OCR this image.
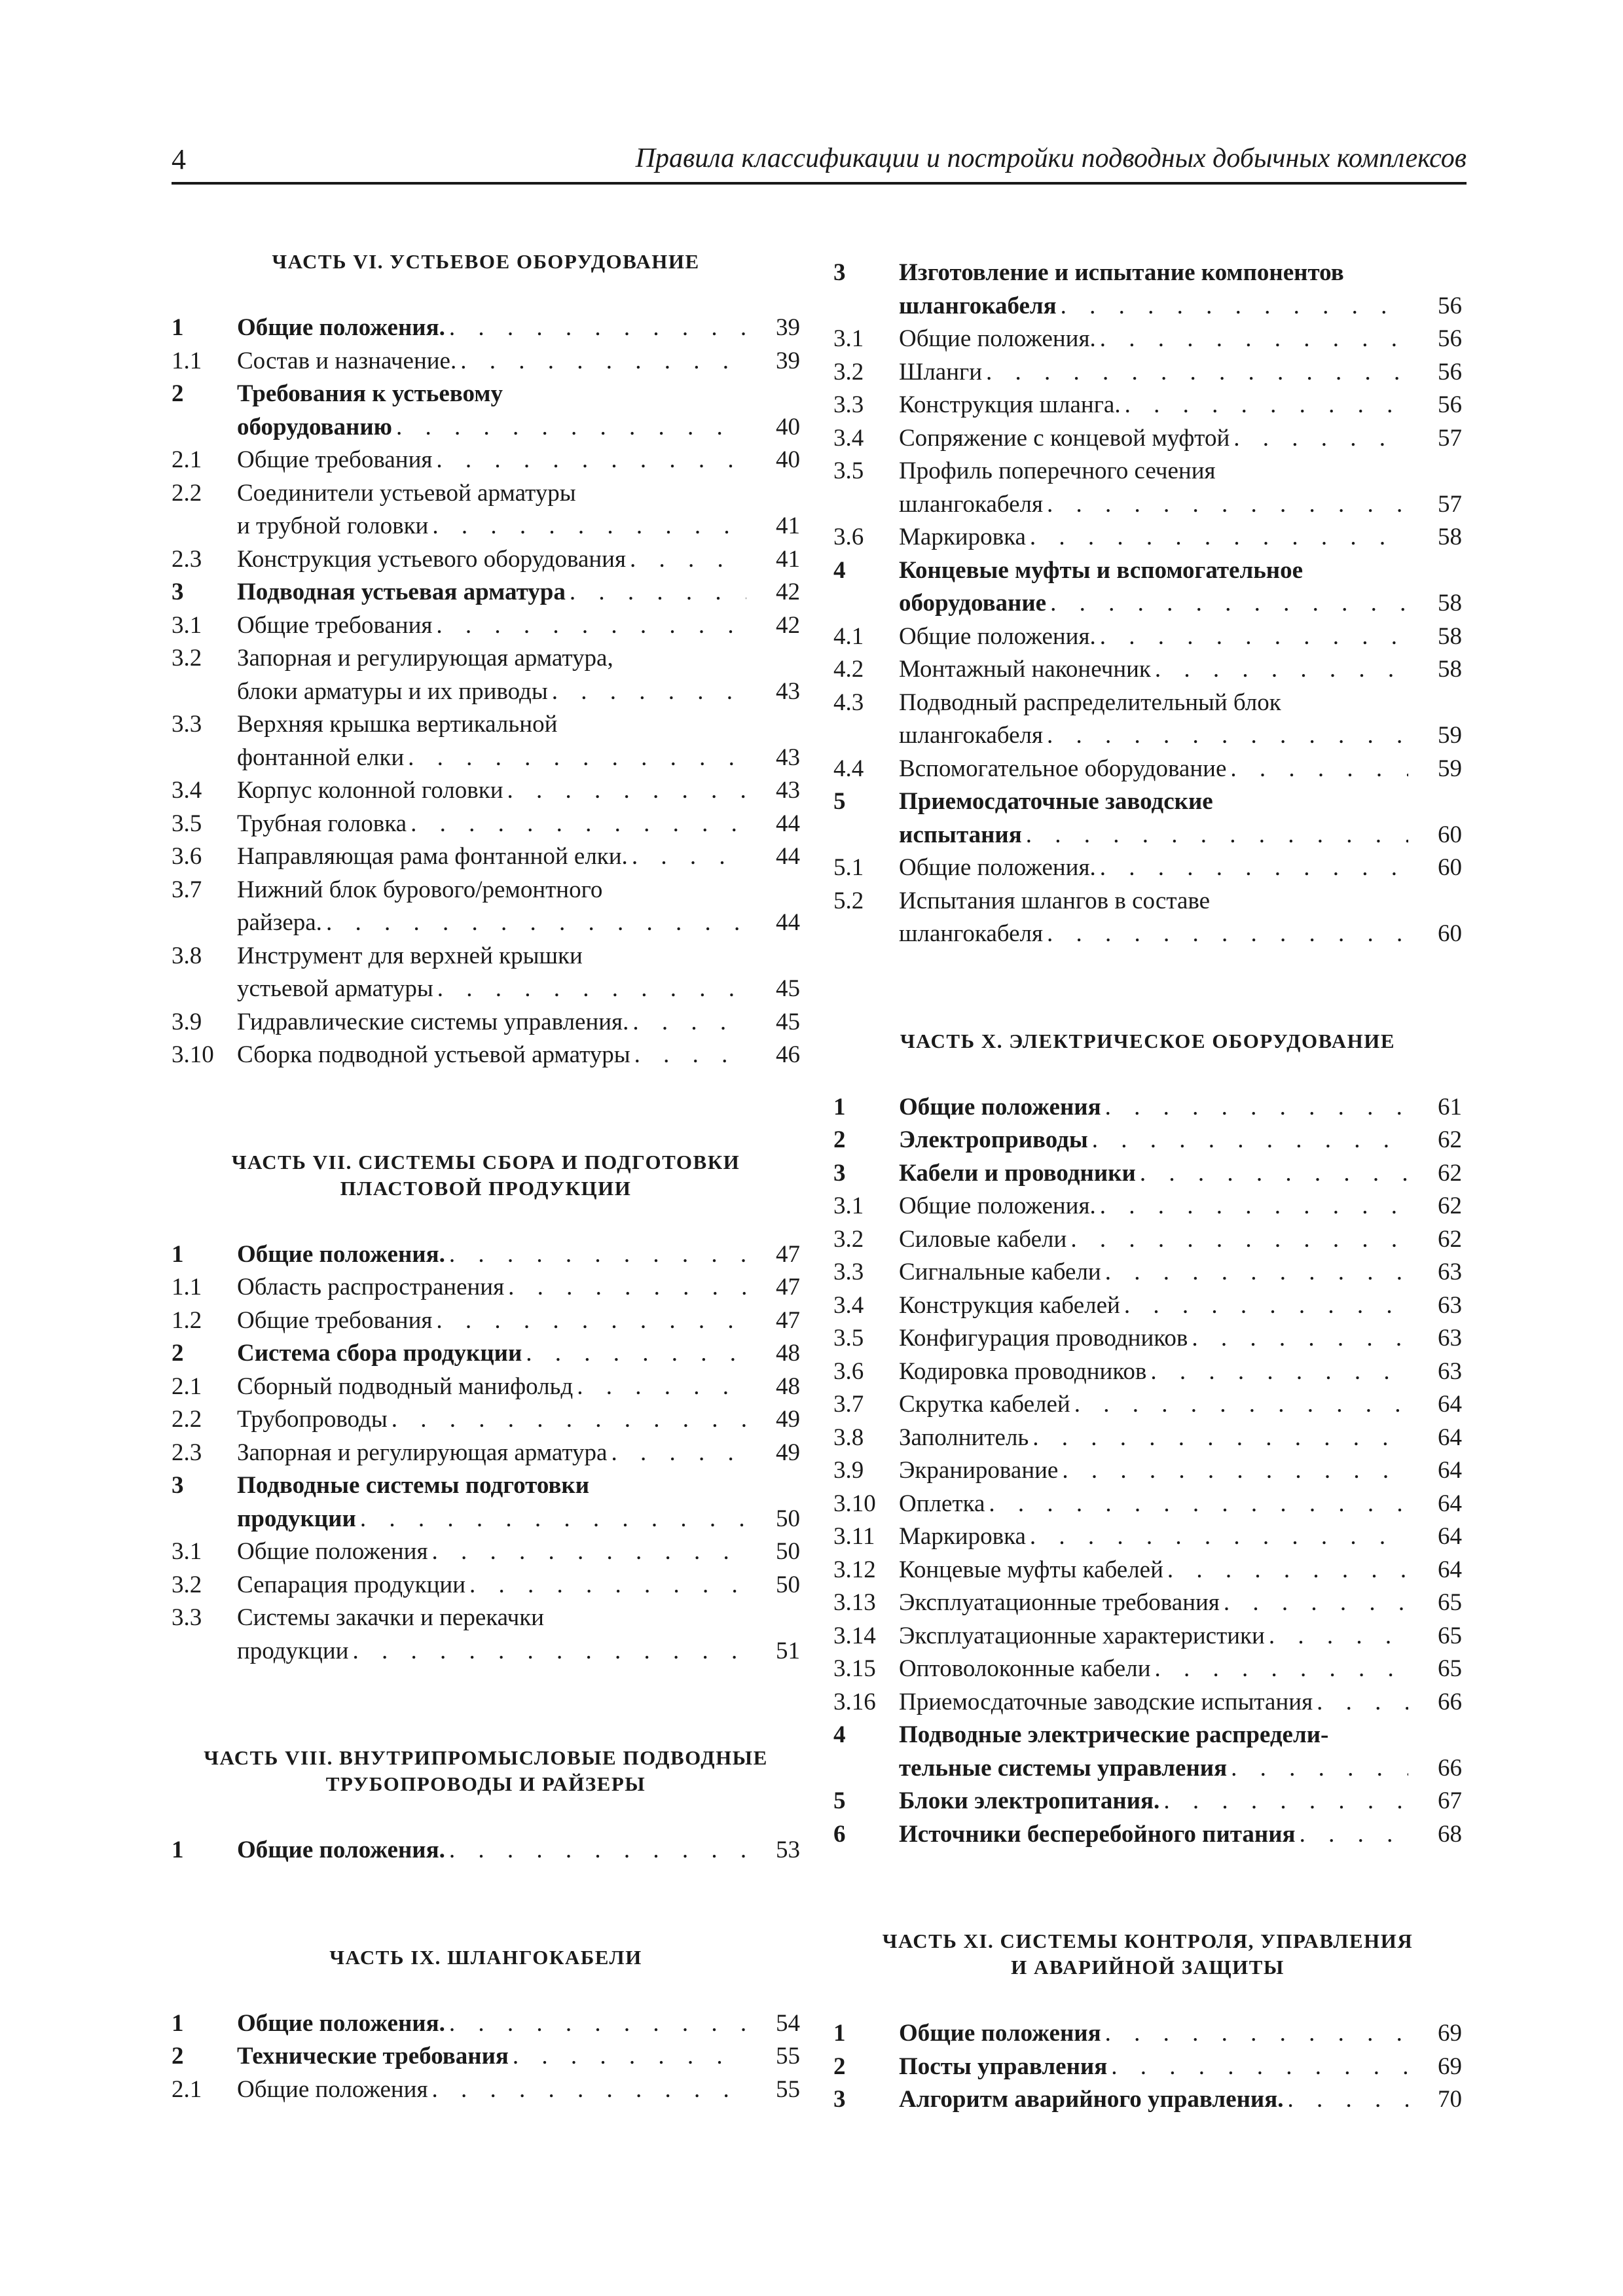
4	Правила классификации и постройки подводных добычных комплексов
ЧАСТЬ VI. УСТЬЕВОЕ ОБОРУДОВАНИЕ
1	Общие положения. . . .	39
1.1	Состав и назначение. . . .	39
2	Требования к устьевому
оборудованию . . .	40
2.1	Общие требования . . .	40
2.2	Соединители устьевой арматуры
и трубной головки . . .	41
2.3	Конструкция устьевого оборудования . . .	41
3	Подводная устьевая арматура . . .	42
3.1	Общие требования . . .	42
3.2	Запорная и регулирующая арматура,
блоки арматуры и их приводы . . .	43
3.3	Верхняя крышка вертикальной
фонтанной елки . . .	43
3.4	Корпус колонной головки . . .	43
3.5	Трубная головка . . .	44
3.6	Направляющая рама фонтанной елки. . . .	44
3.7	Нижний блок бурового/ремонтного
райзера. . . .	44
3.8	Инструмент для верхней крышки
устьевой арматуры . . .	45
3.9	Гидравлические системы управления. . . .	45
3.10 Сборка подводной устьевой арматуры . . .	46
ЧАСТЬ VII. СИСТЕМЫ СБОРА И ПОДГОТОВКИ
ПЛАСТОВОЙ ПРОДУКЦИИ
1	Общие положения. . . .	47
1.1	Область распространения . . .	47
1.2	Общие требования . . .	47
2	Система сбора продукции . . .	48
2.1	Сборный подводный манифольд . . .	48
2.2	Трубопроводы . . .	49
2.3	Запорная и регулирующая арматура . . .	49
3	Подводные системы подготовки
продукции . . .	50
3.1	Общие положения . . .	50
3.2	Сепарация продукции . . .	50
3.3	Системы закачки и перекачки
продукции . . .	51
ЧАСТЬ VIII. ВНУТРИПРОМЫСЛОВЫЕ ПОДВОДНЫЕ
ТРУБОПРОВОДЫ И РАЙЗЕРЫ
1	Общие положения. . . .	53
ЧАСТЬ IX. ШЛАНГОКАБЕЛИ
1	Общие положения. . . .	54
2	Технические требования . . .	55
2.1	Общие положения . . .	55
3	Изготовление и испытание компонентов
шлангокабеля . . .	56
3.1	Общие положения. . . .	56
3.2	Шланги . . .	56
3.3	Конструкция шланга. . . .	56
3.4	Сопряжение с концевой муфтой . . .	57
3.5	Профиль поперечного сечения
шлангокабеля . . .	57
3.6	Маркировка . . .	58
4	Концевые муфты и вспомогательное
оборудование . . .	58
4.1	Общие положения. . . .	58
4.2	Монтажный наконечник . . .	58
4.3	Подводный распределительный блок
шлангокабеля . . .	59
4.4	Вспомогательное оборудование . . .	59
5	Приемосдаточные заводские
испытания . . .	60
5.1	Общие положения. . . .	60
5.2	Испытания шлангов в составе
шлангокабеля . . .	60
ЧАСТЬ X. ЭЛЕКТРИЧЕСКОЕ ОБОРУДОВАНИЕ
1	Общие положения . . .	61
2	Электроприводы . . .	62
3	Кабели и проводники . . .	62
3.1	Общие положения. . . .	62
3.2	Силовые кабели . . .	62
3.3	Сигнальные кабели . . .	63
3.4	Конструкция кабелей . . .	63
3.5	Конфигурация проводников . . .	63
3.6	Кодировка проводников . . .	63
3.7	Скрутка кабелей . . .	64
3.8	Заполнитель . . .	64
3.9	Экранирование . . .	64
3.10 Оплетка . . .	64
3.11 Маркировка . . .	64
3.12 Концевые муфты кабелей . . .	64
3.13 Эксплуатационные требования . . .	65
3.14 Эксплуатационные характеристики . . .	65
3.15 Оптоволоконные кабели . . .	65
3.16 Приемосдаточные заводские испытания . . .	66
4	Подводные электрические распредели-
тельные системы управления . . .	66
5	Блоки электропитания. . . .	67
6	Источники бесперебойного питания . . .	68
ЧАСТЬ XI. СИСТЕМЫ КОНТРОЛЯ, УПРАВЛЕНИЯ
И АВАРИЙНОЙ ЗАЩИТЫ
1	Общие положения . . .	69
2	Посты управления . . .	69
3	Алгоритм аварийного управления. . . .	70
